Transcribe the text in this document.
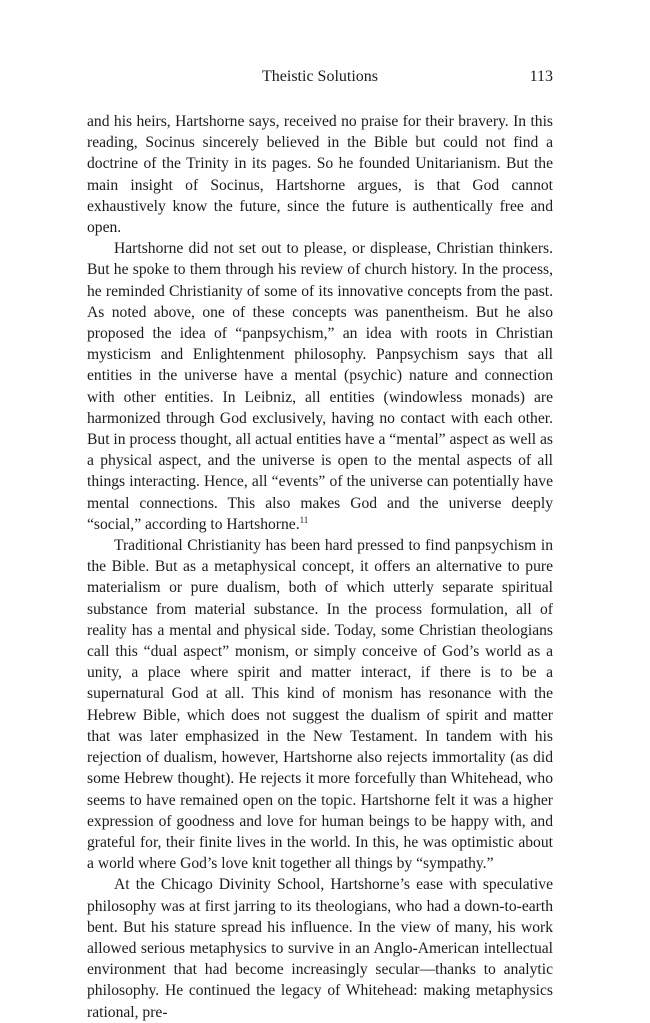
Theistic Solutions	113

and his heirs, Hartshorne says, received no praise for their bravery. In this reading, Socinus sincerely believed in the Bible but could not find a doctrine of the Trinity in its pages. So he founded Unitarianism. But the main insight of Socinus, Hartshorne argues, is that God cannot exhaustively know the future, since the future is authentically free and open.

Hartshorne did not set out to please, or displease, Christian thinkers. But he spoke to them through his review of church history. In the process, he reminded Christianity of some of its innovative concepts from the past. As noted above, one of these concepts was panentheism. But he also proposed the idea of “panpsychism,” an idea with roots in Christian mysticism and Enlightenment philosophy. Panpsychism says that all entities in the universe have a mental (psychic) nature and connection with other entities. In Leibniz, all entities (windowless monads) are harmonized through God exclusively, having no contact with each other. But in process thought, all actual entities have a “mental” aspect as well as a physical aspect, and the universe is open to the mental aspects of all things interacting. Hence, all “events” of the universe can potentially have mental connections. This also makes God and the universe deeply “social,” according to Hartshorne.$^{11}$

Traditional Christianity has been hard pressed to find panpsychism in the Bible. But as a metaphysical concept, it offers an alternative to pure materialism or pure dualism, both of which utterly separate spiritual substance from material substance. In the process formulation, all of reality has a mental and physical side. Today, some Christian theologians call this “dual aspect” monism, or simply conceive of God’s world as a unity, a place where spirit and matter interact, if there is to be a supernatural God at all. This kind of monism has resonance with the Hebrew Bible, which does not suggest the dualism of spirit and matter that was later emphasized in the New Testament. In tandem with his rejection of dualism, however, Hartshorne also rejects immortality (as did some Hebrew thought). He rejects it more forcefully than Whitehead, who seems to have remained open on the topic. Hartshorne felt it was a higher expression of goodness and love for human beings to be happy with, and grateful for, their finite lives in the world. In this, he was optimistic about a world where God’s love knit together all things by “sympathy.”

At the Chicago Divinity School, Hartshorne’s ease with speculative philosophy was at first jarring to its theologians, who had a down-to-earth bent. But his stature spread his influence. In the view of many, his work allowed serious metaphysics to survive in an Anglo-American intellectual environment that had become increasingly secular—thanks to analytic philosophy. He continued the legacy of Whitehead: making metaphysics rational, pre-
